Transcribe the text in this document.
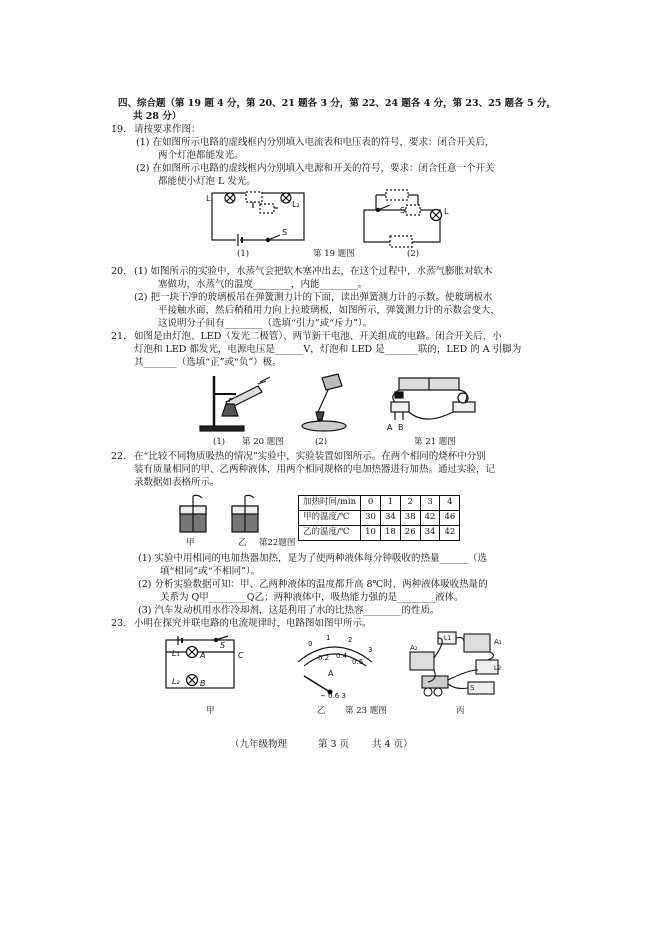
四、综合题（第 19 题 4 分，第 20、21 题各 3 分，第 22、24 题各 4 分，第 23、25 题各 5 分，
共 28 分）
19. 请按要求作图：
(1) 在如图所示电路的虚线框内分别填入电流表和电压表的符号，要求：闭合开关后，
两个灯泡都能发光。
(2) 在如图所示电路的虚线框内分别填入电源和开关的符号，要求：闭合任意一个开关
都能使小灯泡 L 发光。
L
L₂
S
S	L
(1)	第 19 题图	(2)
20. (1) 如图所示的实验中，水蒸气会把软木塞冲出去，在这个过程中，水蒸气膨胀对软木
塞做功，水蒸气的温度________，内能________。
(2) 把一块干净的玻璃板吊在弹簧测力计的下面，读出弹簧测力计的示数。使玻璃板水
平接触水面，然后稍稍用力向上拉玻璃板，如图所示，弹簧测力计的示数会变大，
这说明分子间有________（选填“引力”或“斥力”）。
21. 如图是由灯泡、LED（发光二极管）、两节新干电池、开关组成的电路。闭合开关后，小
灯泡和 LED 都发光，电源电压是______V，灯泡和 LED 是_______联的，LED 的 A 引脚为
其_______（选填“正”或“负”）极。
A B
(1) 第 20 题图	(2)	第 21 题图
22. 在“比较不同物质吸热的情况”实验中，实验装置如图所示。在两个相同的烧杯中分别
装有质量相同的甲、乙两种液体，用两个相同规格的电加热器进行加热。通过实验，记
录数据如表格所示。
甲	乙 第22题图
加热时间/min	0	1	2	3	4
甲的温度/℃	30	34	38	42	46
乙的温度/℃	10	18	26	34	42
(1) 实验中用相同的电加热器加热，是为了使两种液体每分钟吸收的热量______（选
填“相同”或“不相同”）。
(2) 分析实验数据可知：甲、乙两种液体的温度都升高 8℃时，两种液体吸收热量的
关系为 Q甲________Q乙；两种液体中，吸热能力强的是________液体。
(3) 汽车发动机用水作冷却剂，这是利用了水的比热容________的性质。
23. 小明在探究并联电路的电流规律时，电路图如图甲所示。
S
L₁	A	C
L₂	B
0
1	2
3
0.2 0.4
0.6
A
− 0.6 3
L1	A₁
A₂
L2
S
甲	乙 第 23 题图	丙
（九年级物理	第 3 页 共 4 页）
